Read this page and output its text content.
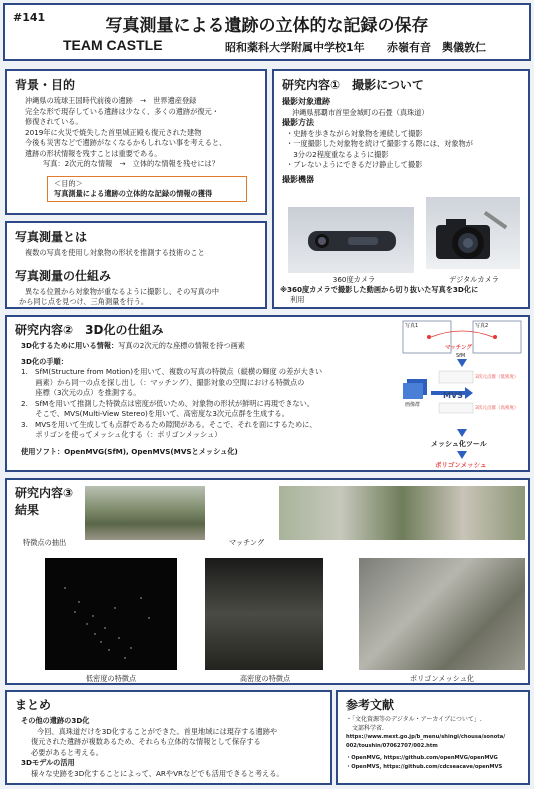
#141	写真測量による遺跡の立体的な記録の保存
TEAM CASTLE	昭和薬科大学附属中学校1年 赤嶺有音　輿儀敦仁
背景・目的
沖縄県の琉球王国時代前後の遺跡　→　世界遺産登録
完全な形で現存している遺跡は少なく、多くの遺跡が復元・
修復されている。
2019年に火災で焼失した首里城正殿も復元された建物
今後も災害などで遺跡がなくなるかもしれない事を考えると、
遺跡の形状情報を残すことは重要である。
写真：2次元的な情報　→　立体的な情報を残せには？
＜目的＞
写真測量による遺跡の立体的な記録の情報の獲得
写真測量とは
複数の写真を使用し対象物の形状を推測する技術のこと
写真測量の仕組み
異なる位置から対象物が重なるように撮影し、その写真の中
から同じ点を見つけ、三角測量を行う。
研究内容①　撮影について
撮影対象遺跡
沖縄県那覇市首里金城町の石畳（真珠道）
撮影方法
・史跡を歩きながら対象物を連続して撮影
・一度撮影した対象物を続けて撮影する際には、対象物が
　3分の2程度重なるように撮影
・ブレないようにできるだけ静止して撮影
撮影機器
360度カメラ	デジタルカメラ
※360度カメラで撮影した動画から切り抜いた写真を3D化に
利用
研究内容②　3D化の仕組み
3D化するために用いる情報：写真の2次元的な座標の情報を持つ画素
3D化の手順：
1.　SfM(Structure from Motion)を用いて、複数の写真の特徴点（縦横の輝度 の差が大きい
　　画素）から同一の点を探し出し（：マッチング）、撮影対象の空間における特徴点の
　　座標（3次元の点）を推測する。
2.　SfMを用いて推測した特徴点は密度が低いため、対象物の形状が鮮明に再現できない。
　　そこで、MVS(Multi-View Stereo)を用いて、高密度な3次元点群を生成する。
3.　MVSを用いて生成しても点群であるため隙間がある。そこで、それを面にするために、
　　ポリゴンを使ってメッシュ化する（：ポリゴンメッシュ）
使用ソフト：OpenMVG(SfM), OpenMVS(MVSとメッシュ化)
写真1	写真2
マッチング
SfM
3次元点群（低密度）
画像群
MVS
3次元点群（高密度）
メッシュ化ツール
ポリゴンメッシュ
研究内容③
結果
特徴点の抽出	マッチング
低密度の特徴点	高密度の特徴点	ポリゴンメッシュ化
まとめ
その他の遺跡の3D化
今回、真珠道だけを3D化することができた。首里地域には現存する遺跡や
復元された遺跡が複数あるため、それらも立体的な情報として保存する
必要があると考える。
3Dモデルの活用
様々な史跡を3D化することによって、ARやVRなどでも活用できると考える。
参考文献
・「文化資源等のデジタル・アーカイブについて」.
　文部科学省.
https://www.mext.go.jp/b_menu/shingi/chousa/sonota/
002/toushin/07062707/002.htm
・OpenMVG, https://github.com/openMVG/openMVG
・OpenMVS, https://github.com/cdcseacave/openMVS
